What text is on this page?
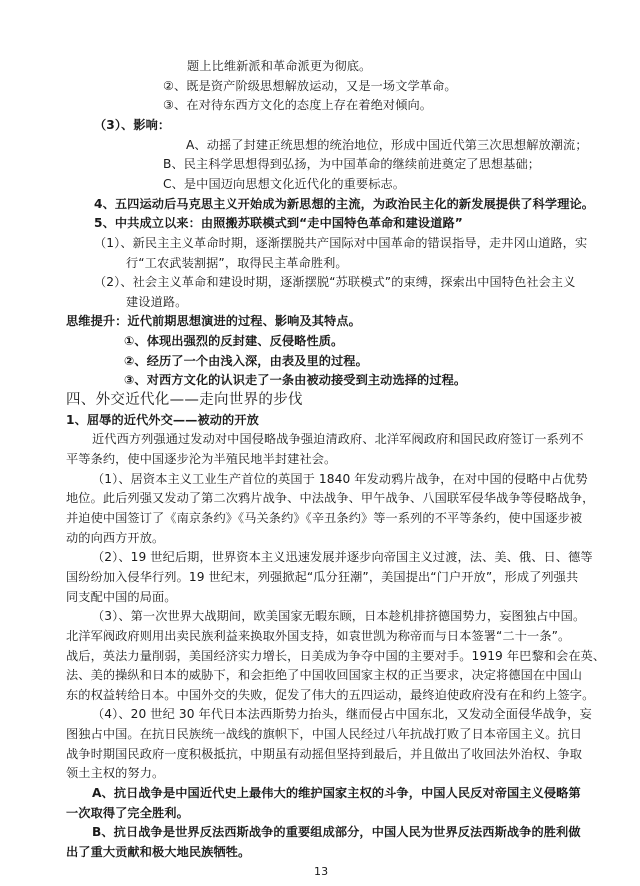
题上比维新派和革命派更为彻底。
②、既是资产阶级思想解放运动，又是一场文学革命。
③、在对待东西方文化的态度上存在着绝对倾向。
（3）、影响：
A、动摇了封建正统思想的统治地位，形成中国近代第三次思想解放潮流；
B、民主科学思想得到弘扬，为中国革命的继续前进奠定了思想基础；
C、是中国迈向思想文化近代化的重要标志。
4、五四运动后马克思主义开始成为新思想的主流，为政治民主化的新发展提供了科学理论。
5、中共成立以来：由照搬苏联模式到“走中国特色革命和建设道路”
（1）、新民主主义革命时期，逐渐摆脱共产国际对中国革命的错误指导，走井冈山道路，实
行“工农武装割据”，取得民主革命胜利。
（2）、社会主义革命和建设时期，逐渐摆脱“苏联模式”的束缚，探索出中国特色社会主义
建设道路。
思维提升：近代前期思想演进的过程、影响及其特点。
①、体现出强烈的反封建、反侵略性质。
②、经历了一个由浅入深，由表及里的过程。
③、对西方文化的认识走了一条由被动接受到主动选择的过程。
四、外交近代化——走向世界的步伐
1、屈辱的近代外交——被动的开放
近代西方列强通过发动对中国侵略战争强迫清政府、北洋军阀政府和国民政府签订一系列不
平等条约，使中国逐步沦为半殖民地半封建社会。
（1）、居资本主义工业生产首位的英国于 1840 年发动鸦片战争，在对中国的侵略中占优势
地位。此后列强又发动了第二次鸦片战争、中法战争、甲午战争、八国联军侵华战争等侵略战争，
并迫使中国签订了《南京条约》《马关条约》《辛丑条约》等一系列的不平等条约，使中国逐步被
动的向西方开放。
（2）、19 世纪后期，世界资本主义迅速发展并逐步向帝国主义过渡，法、美、俄、日、德等
国纷纷加入侵华行列。19 世纪末，列强掀起“瓜分狂潮”，美国提出“门户开放”，形成了列强共
同支配中国的局面。
（3）、第一次世界大战期间，欧美国家无暇东顾，日本趁机排挤德国势力，妄图独占中国。
北洋军阀政府则用出卖民族利益来换取外国支持，如袁世凯为称帝而与日本签署“二十一条”。
战后，英法力量削弱，美国经济实力增长，日美成为争夺中国的主要对手。1919 年巴黎和会在英、
法、美的操纵和日本的威胁下，和会拒绝了中国收回国家主权的正当要求，决定将德国在中国山
东的权益转给日本。中国外交的失败，促发了伟大的五四运动，最终迫使政府没有在和约上签字。
（4）、20 世纪 30 年代日本法西斯势力抬头，继而侵占中国东北，又发动全面侵华战争，妄
图独占中国。在抗日民族统一战线的旗帜下，中国人民经过八年抗战打败了日本帝国主义。抗日
战争时期国民政府一度积极抵抗，中期虽有动摇但坚持到最后，并且做出了收回法外治权、争取
领土主权的努力。
A、抗日战争是中国近代史上最伟大的维护国家主权的斗争，中国人民反对帝国主义侵略第
一次取得了完全胜利。
B、抗日战争是世界反法西斯战争的重要组成部分，中国人民为世界反法西斯战争的胜利做
出了重大贡献和极大地民族牺牲。
13
